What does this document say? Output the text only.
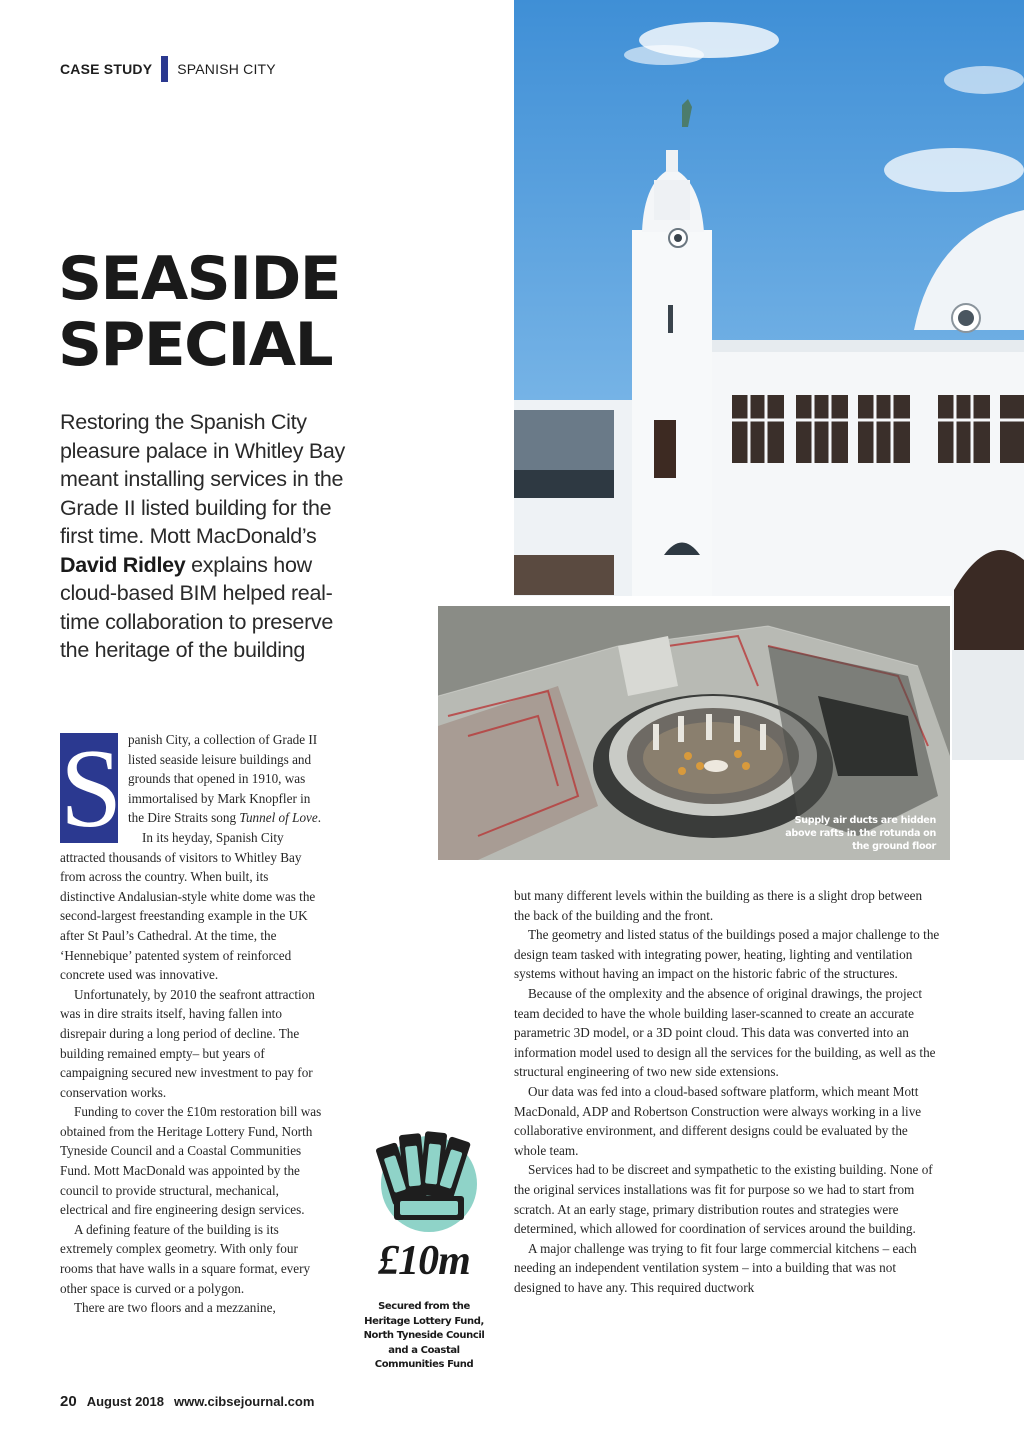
CASE STUDY SPANISH CITY
Supply air ducts are hidden above rafts in the rotunda on the ground floor
SEASIDE
SPECIAL

Restoring the Spanish City pleasure palace in Whitley Bay meant installing services in the Grade II listed building for the first time. Mott MacDonald’s David Ridley explains how cloud-based BIM helped real-time collaboration to preserve the heritage of the building

S panish City, a collection of Grade II listed seaside leisure buildings and grounds that opened in 1910, was immortalised by Mark Knopfler in the Dire Straits song Tunnel of Love.

In its heyday, Spanish City attracted thousands of visitors to Whitley Bay from across the country. When built, its distinctive Andalusian-style white dome was the second-largest freestanding example in the UK after St Paul’s Cathedral. At the time, the ‘Hennebique’ patented system of reinforced concrete used was innovative.

Unfortunately, by 2010 the seafront attraction was in dire straits itself, having fallen into disrepair during a long period of decline. The building remained empty– but years of campaigning secured new investment to pay for conservation works.

Funding to cover the £10m restoration bill was obtained from the Heritage Lottery Fund, North Tyneside Council and a Coastal Communities Fund. Mott MacDonald was appointed by the council to provide structural, mechanical, electrical and fire engineering design services.

A defining feature of the building is its extremely complex geometry. With only four rooms that have walls in a square format, every other space is curved or a polygon.

There are two floors and a mezzanine,

£10m
Secured from the Heritage Lottery Fund, North Tyneside Council and a Coastal Communities Fund

but many different levels within the building as there is a slight drop between the back of the building and the front.

The geometry and listed status of the buildings posed a major challenge to the design team tasked with integrating power, heating, lighting and ventilation systems without having an impact on the historic fabric of the structures.

Because of the omplexity and the absence of original drawings, the project team decided to have the whole building laser-scanned to create an accurate parametric 3D model, or a 3D point cloud. This data was converted into an information model used to design all the services for the building, as well as the structural engineering of two new side extensions.

Our data was fed into a cloud-based software platform, which meant Mott MacDonald, ADP and Robertson Construction were always working in a live collaborative environment, and different designs could be evaluated by the whole team.

Services had to be discreet and sympathetic to the existing building. None of the original services installations was fit for purpose so we had to start from scratch. At an early stage, primary distribution routes and strategies were determined, which allowed for coordination of services around the building.

A major challenge was trying to fit four large commercial kitchens – each needing an independent ventilation system – into a building that was not designed to have any. This required ductwork

20 August 2018 www.cibsejournal.com
